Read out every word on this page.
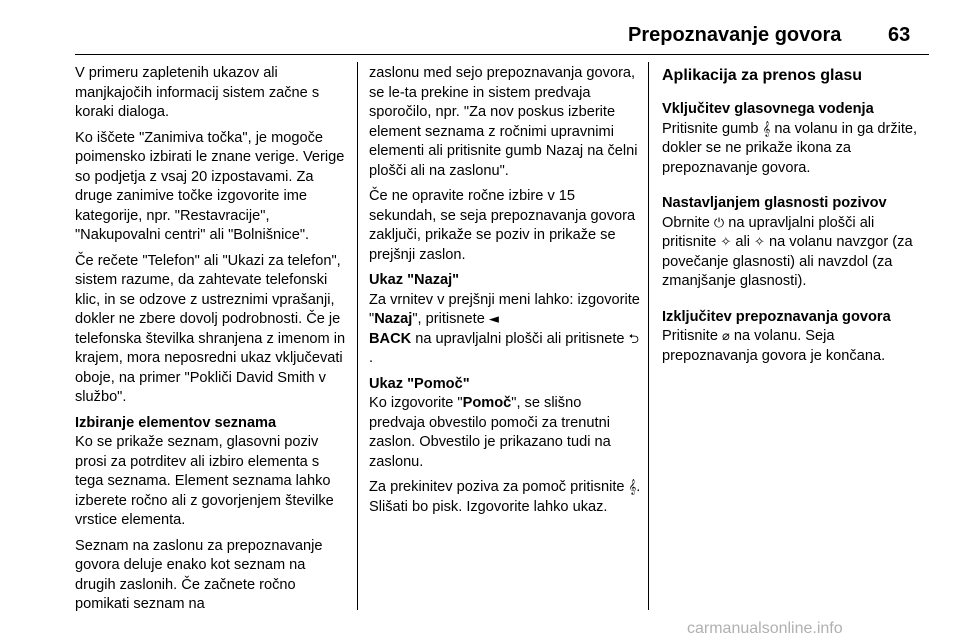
Prepoznavanje govora 63

V primeru zapletenih ukazov ali manjkajočih informacij sistem začne s koraki dialoga.

Ko iščete "Zanimiva točka", je mogoče poimensko izbirati le znane verige. Verige so podjetja z vsaj 20 izpostavami. Za druge zanimive točke izgovorite ime kategorije, npr. "Restavracije", "Nakupovalni centri" ali "Bolnišnice".

Če rečete "Telefon" ali "Ukazi za telefon", sistem razume, da zahtevate telefonski klic, in se odzove z ustreznimi vprašanji, dokler ne zbere dovolj podrobnosti. Če je telefonska številka shranjena z imenom in krajem, mora neposredni ukaz vključevati oboje, na primer "Pokliči David Smith v službo".

Izbiranje elementov seznama

Ko se prikaže seznam, glasovni poziv prosi za potrditev ali izbiro elementa s tega seznama. Element seznama lahko izberete ročno ali z govorjenjem številke vrstice elementa.

Seznam na zaslonu za prepoznavanje govora deluje enako kot seznam na drugih zaslonih. Če začnete ročno pomikati seznam na

zaslonu med sejo prepoznavanja govora, se le-ta prekine in sistem predvaja sporočilo, npr. "Za nov poskus izberite element seznama z ročnimi upravnimi elementi ali pritisnite gumb Nazaj na čelni plošči ali na zaslonu".

Če ne opravite ročne izbire v 15 sekundah, se seja prepoznavanja govora zaključi, prikaže se poziv in prikaže se prejšnji zaslon.

Ukaz "Nazaj"

Za vrnitev v prejšnji meni lahko: izgovorite "Nazaj", pritisnete ◄
BACK na upravljalni plošči ali pritisnete ⮌.

Ukaz "Pomoč"

Ko izgovorite "Pomoč", se slišno predvaja obvestilo pomoči za trenutni zaslon. Obvestilo je prikazano tudi na zaslonu.

Za prekinitev poziva za pomoč pritisnite 𝄞. Slišati bo pisk. Izgovorite lahko ukaz.

Aplikacija za prenos glasu

Vključitev glasovnega vodenja

Pritisnite gumb 𝄞 na volanu in ga držite, dokler se ne prikaže ikona za prepoznavanje govora.

Nastavljanjem glasnosti pozivov

Obrnite ⏻ na upravljalni plošči ali pritisnite ✧ ali ✧ na volanu navzgor (za povečanje glasnosti) ali navzdol (za zmanjšanje glasnosti).

Izključitev prepoznavanja govora

Pritisnite ⌀ na volanu. Seja prepoznavanja govora je končana.

carmanualsonline.info
